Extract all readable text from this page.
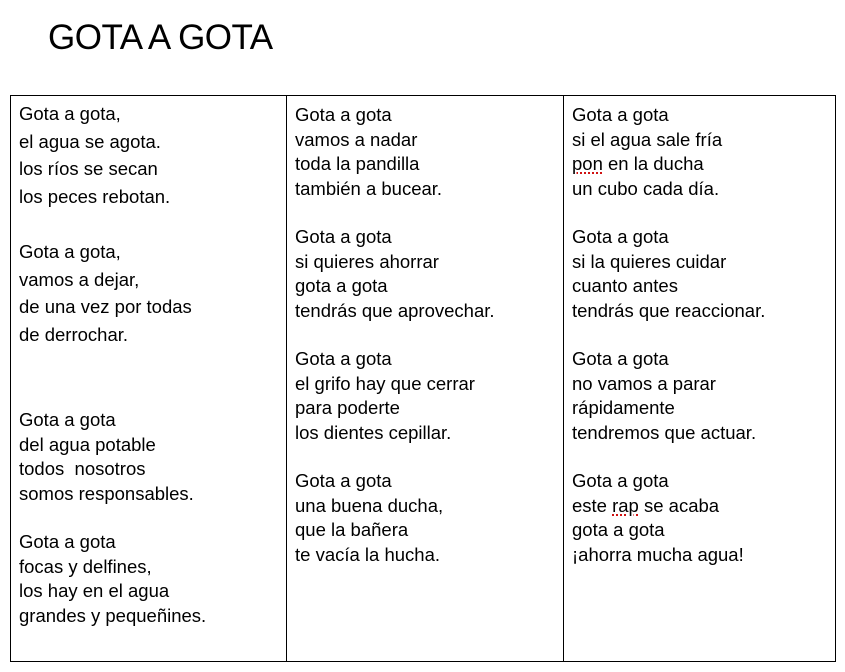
GOTA A GOTA
Gota a gota,
el agua se agota.
los ríos se secan
los peces rebotan.
Gota a gota,
vamos a dejar,
de una vez por todas
de derrochar.
Gota a gota
del agua potable
todos  nosotros
somos responsables.
Gota a gota
focas y delfines,
los hay en el agua
grandes y pequeñines.
Gota a gota
vamos a nadar
toda la pandilla
también a bucear.
Gota a gota
si quieres ahorrar
gota a gota
tendrás que aprovechar.
Gota a gota
el grifo hay que cerrar
para poderte
los dientes cepillar.
Gota a gota
una buena ducha,
que la bañera
te vacía la hucha.
Gota a gota
si el agua sale fría
pon en la ducha
un cubo cada día.
Gota a gota
si la quieres cuidar
cuanto antes
tendrás que reaccionar.
Gota a gota
no vamos a parar
rápidamente
tendremos que actuar.
Gota a gota
este rap se acaba
gota a gota
¡ahorra mucha agua!
